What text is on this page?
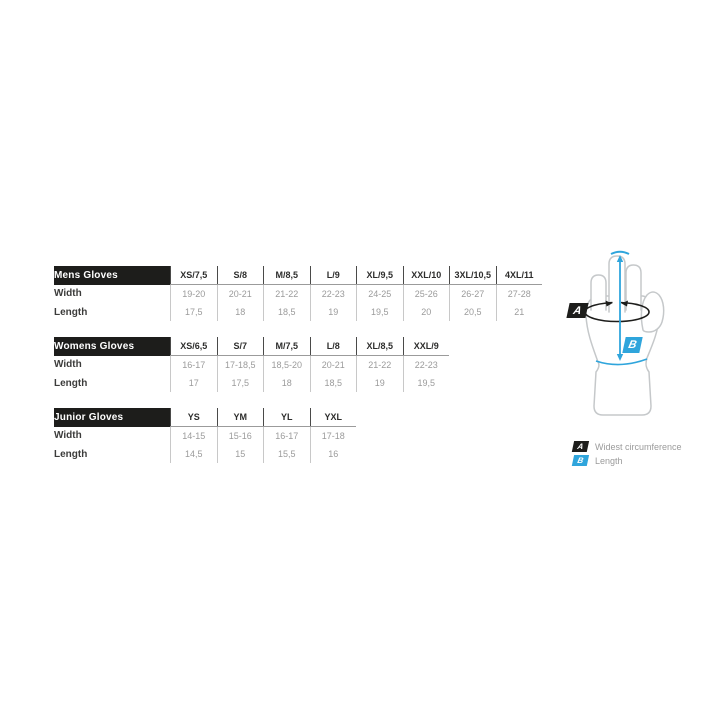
Mens Gloves	XS/7,5	S/8	M/8,5	L/9	XL/9,5	XXL/10	3XL/10,5	4XL/11
Width	19-20	20-21	21-22	22-23	24-25	25-26	26-27	27-28
Length	17,5	18	18,5	19	19,5	20	20,5	21
Womens Gloves	XS/6,5	S/7	M/7,5	L/8	XL/8,5	XXL/9
Width	16-17	17-18,5	18,5-20	20-21	21-22	22-23
Length	17	17,5	18	18,5	19	19,5
Junior Gloves	YS	YM	YL	YXL
Width	14-15	15-16	16-17	17-18
Length	14,5	15	15,5	16
A
B
A	Widest circumference
B	Length
